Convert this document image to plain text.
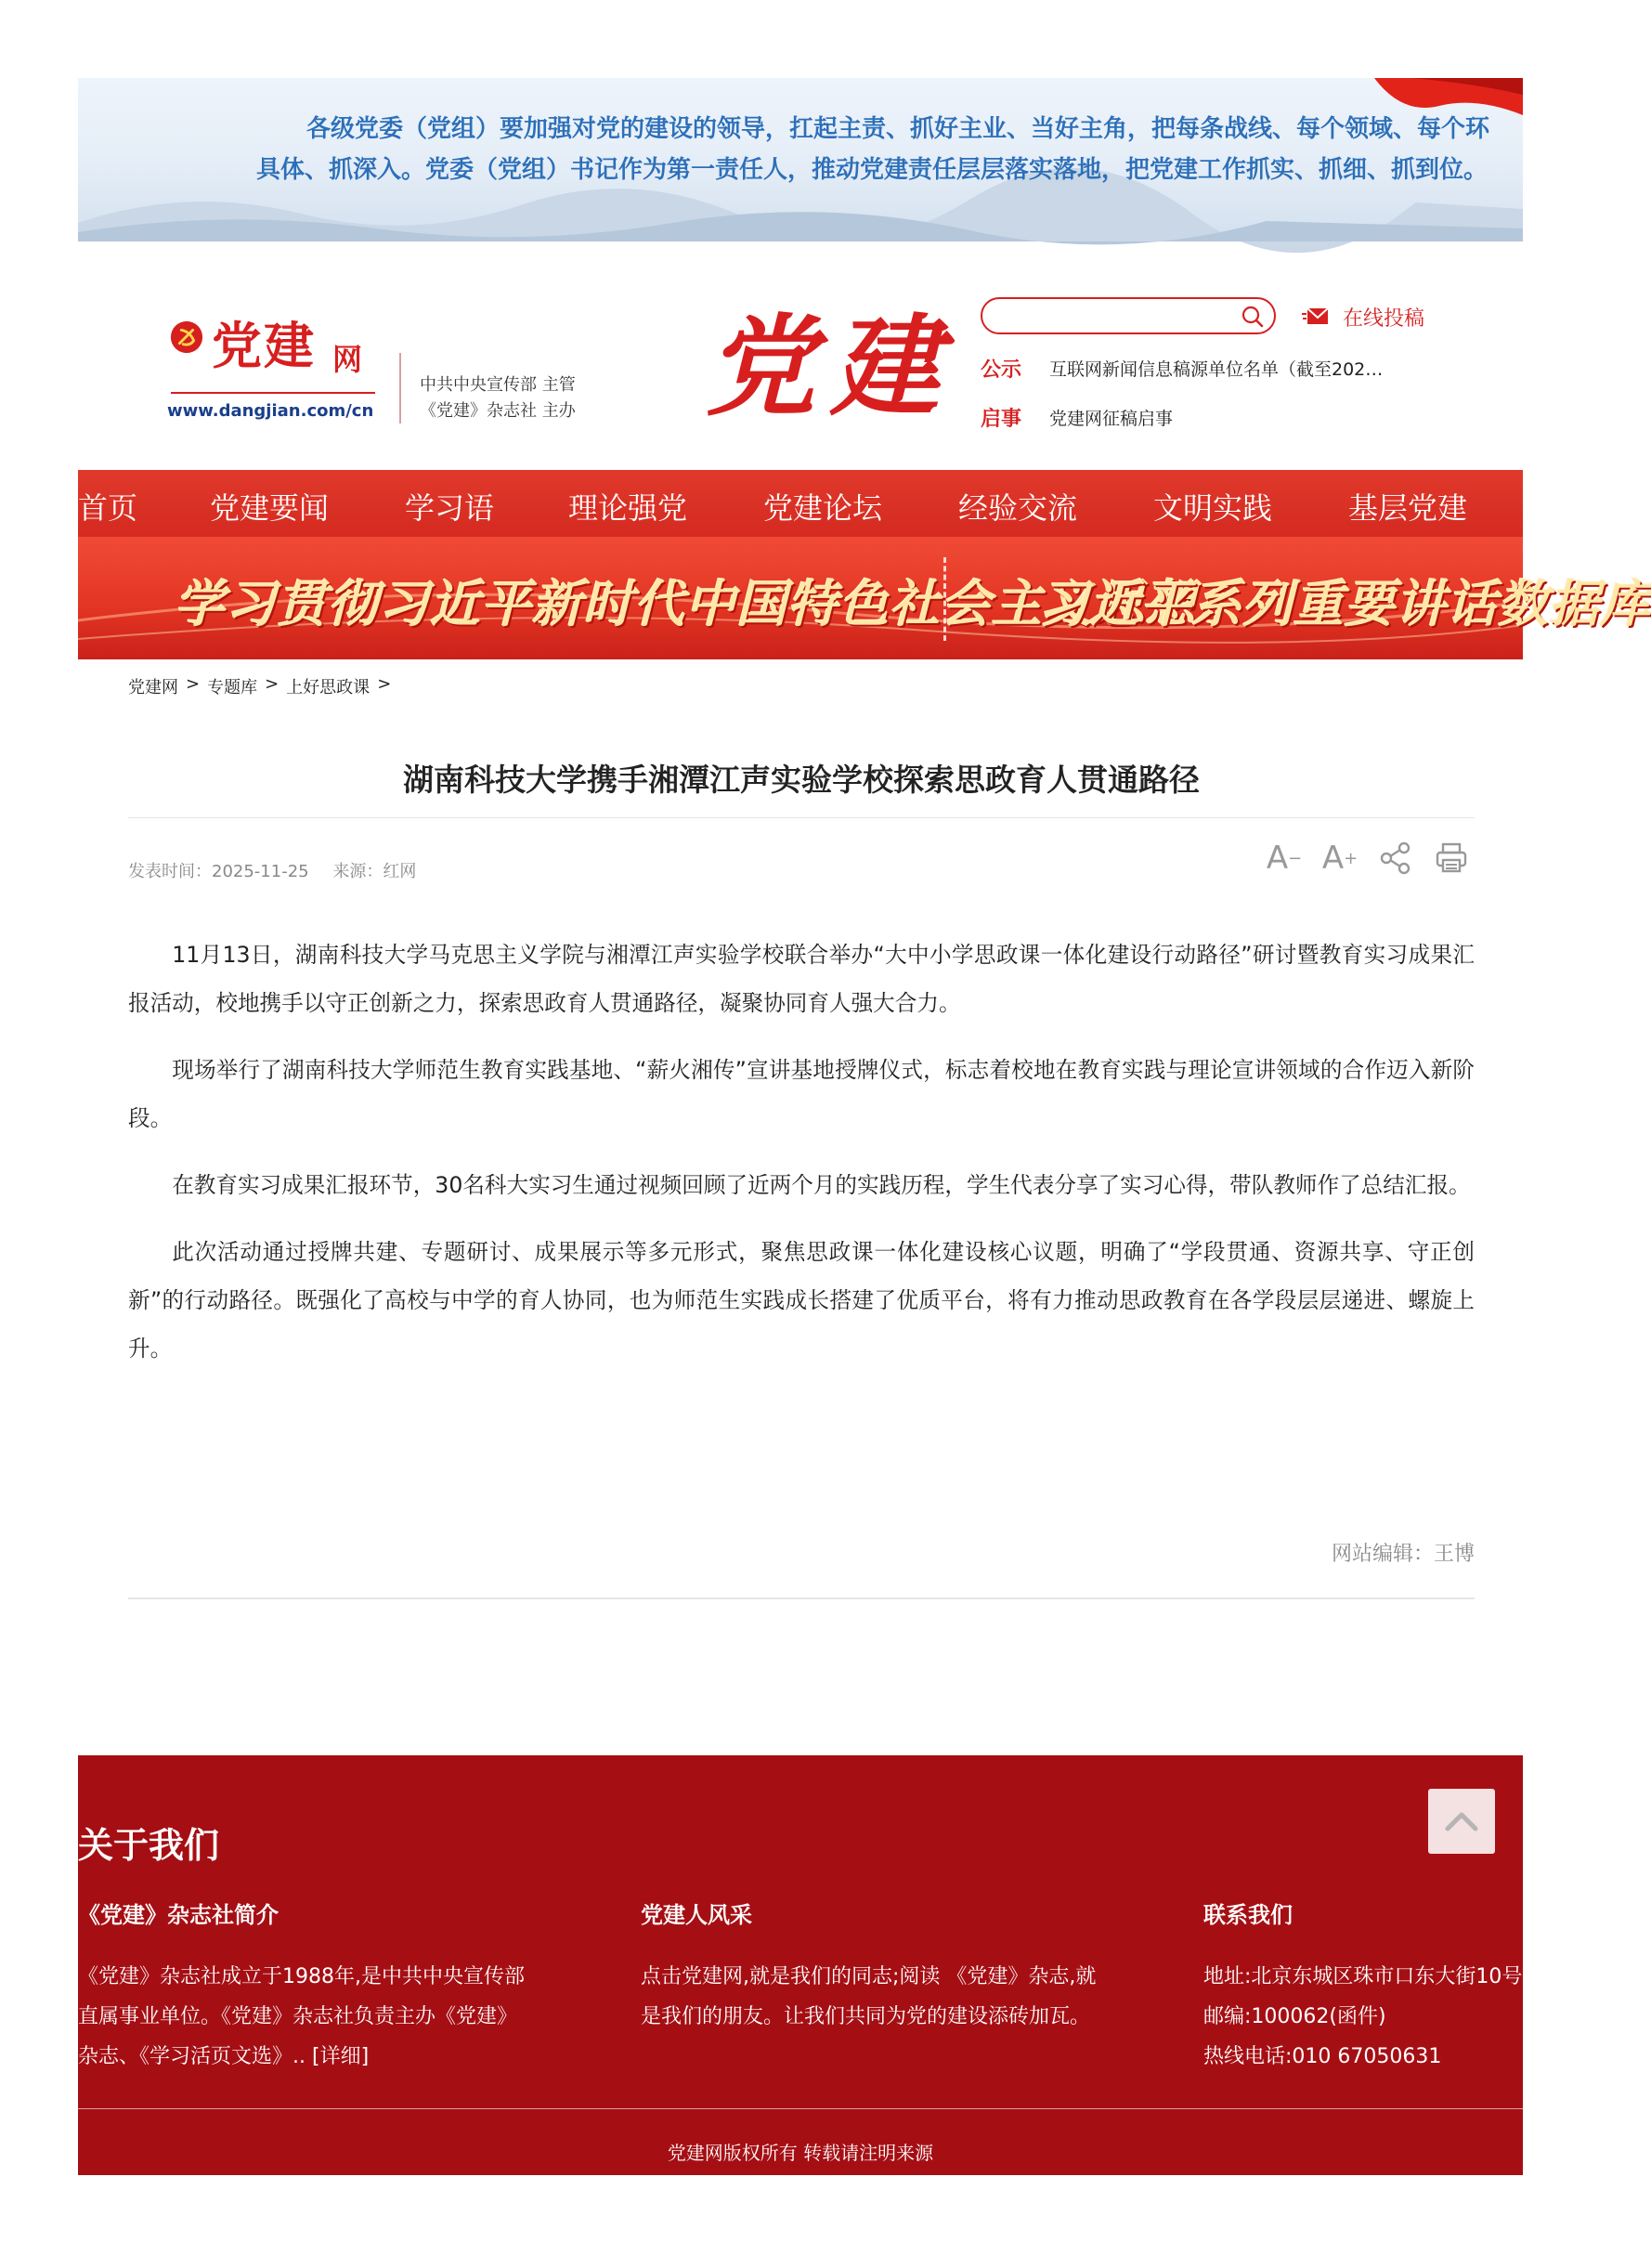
各级党委（党组）要加强对党的建设的领导，扛起主责、抓好主业、当好主角，把每条战线、每个领域、每个环
具体、抓深入。党委（党组）书记作为第一责任人，推动党建责任层层落实落地，把党建工作抓实、抓细、抓到位。
党建 网
www.dangjian.com/cn
中共中央宣传部 主管
《党建》杂志社 主办 党建	在线投稿
公示	互联网新闻信息稿源单位名单（截至202…
启事	党建网征稿启事
首页 党建要闻	学习语 理论强党	党建论坛	经验交流	文明实践	基层党建
学习贯彻习近平新时代中国特色社会主义思想
习近平系列重要讲话数据库
党建网 > 专题库 > 上好思政课 >
湖南科技大学携手湘潭江声实验学校探索思政育人贯通路径
发表时间：2025-11-25 来源：红网	A − A +

11月13日，湖南科技大学马克思主义学院与湘潭江声实验学校联合举办“大中小学思政课一体化建设行动路径”研讨暨教育实习成果汇报活动，校地携手以守正创新之力，探索思政育人贯通路径，凝聚协同育人强大合力。

现场举行了湖南科技大学师范生教育实践基地、“薪火湘传”宣讲基地授牌仪式，标志着校地在教育实践与理论宣讲领域的合作迈入新阶段。

在教育实习成果汇报环节，30名科大实习生通过视频回顾了近两个月的实践历程，学生代表分享了实习心得，带队教师作了总结汇报。

此次活动通过授牌共建、专题研讨、成果展示等多元形式，聚焦思政课一体化建设核心议题，明确了“学段贯通、资源共享、守正创新”的行动路径。既强化了高校与中学的育人协同，也为师范生实践成长搭建了优质平台，将有力推动思政教育在各学段层层递进、螺旋上升。

网站编辑：王博
关于我们
《党建》杂志社简介

《党建》杂志社成立于1988年,是中共中央宣传部

直属事业单位。《党建》杂志社负责主办《党建》

杂志、《学习活页文选》.. [详细]

党建人风采

点击党建网,就是我们的同志;阅读 《党建》杂志,就

是我们的朋友。让我们共同为党的建设添砖加瓦。

联系我们

地址:北京东城区珠市口东大街10号

邮编:100062(函件)

热线电话:010 67050631

党建网版权所有 转载请注明来源
